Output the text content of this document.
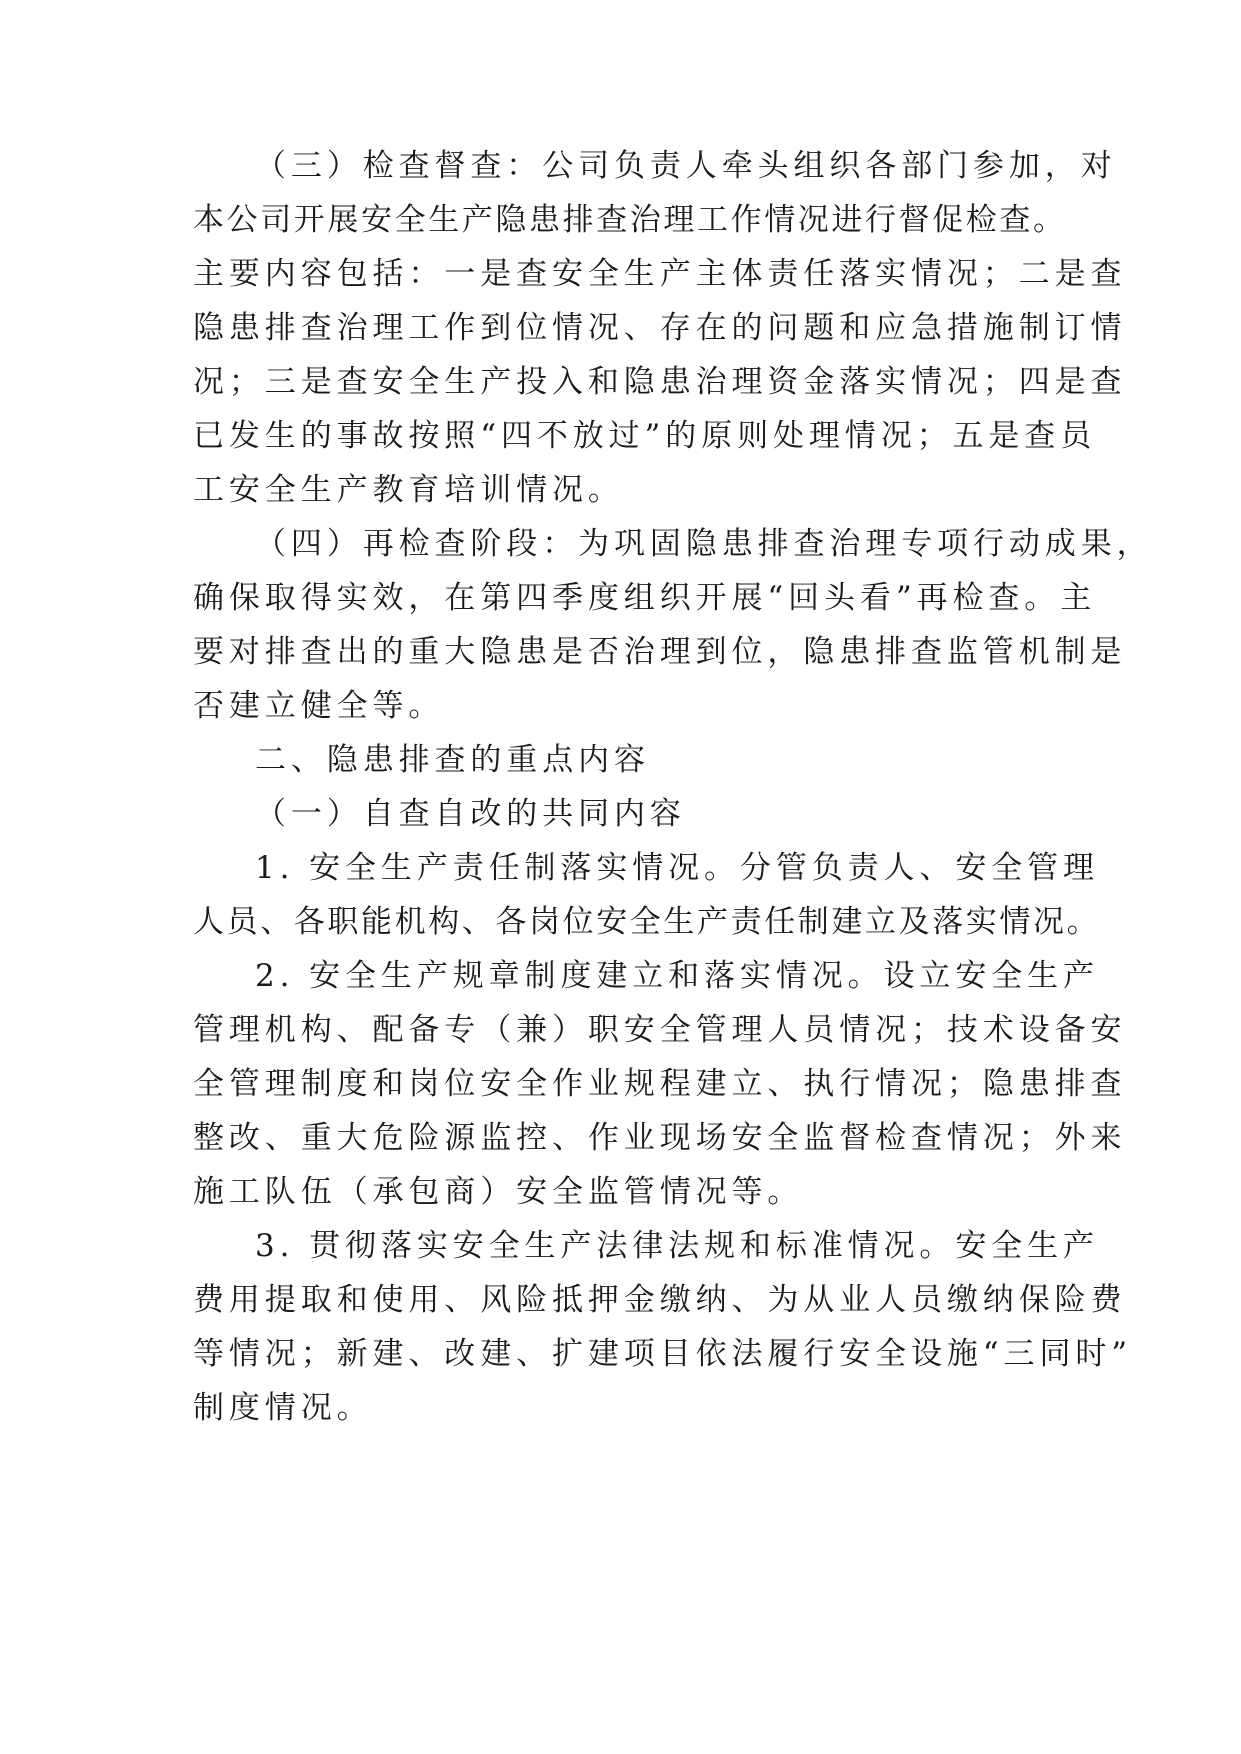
（三）检查督查：公司负责人牵头组织各部门参加，对
本公司开展安全生产隐患排查治理工作情况进行督促检查。
主要内容包括：一是查安全生产主体责任落实情况；二是查
隐患排查治理工作到位情况、存在的问题和应急措施制订情
况；三是查安全生产投入和隐患治理资金落实情况；四是查
已发生的事故按照“四不放过”的原则处理情况；五是查员
工安全生产教育培训情况。
（四）再检查阶段：为巩固隐患排查治理专项行动成果，
确保取得实效，在第四季度组织开展“回头看”再检查。主
要对排查出的重大隐患是否治理到位，隐患排查监管机制是
否建立健全等。
二、隐患排查的重点内容
（一）自查自改的共同内容
1. 安全生产责任制落实情况。分管负责人、安全管理
人员、各职能机构、各岗位安全生产责任制建立及落实情况。
2. 安全生产规章制度建立和落实情况。设立安全生产
管理机构、配备专（兼）职安全管理人员情况；技术设备安
全管理制度和岗位安全作业规程建立、执行情况；隐患排查
整改、重大危险源监控、作业现场安全监督检查情况；外来
施工队伍（承包商）安全监管情况等。
3. 贯彻落实安全生产法律法规和标准情况。安全生产
费用提取和使用、风险抵押金缴纳、为从业人员缴纳保险费
等情况；新建、改建、扩建项目依法履行安全设施“三同时”
制度情况。
